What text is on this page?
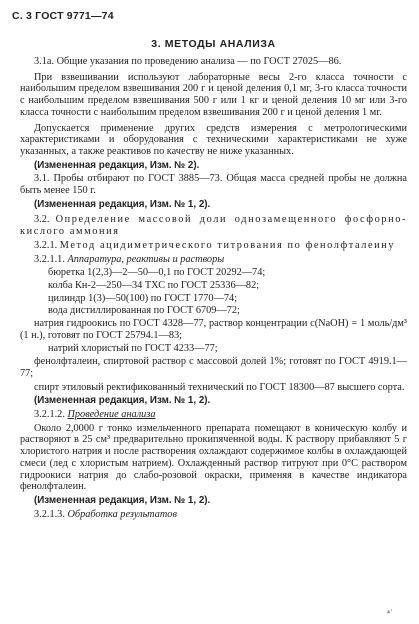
С. 3 ГОСТ 9771—74
3. МЕТОДЫ АНАЛИЗА

3.1а. Общие указания по проведению анализа — по ГОСТ 27025—86.

При взвешивании используют лабораторные весы 2-го класса точности с наибольшим пределом взвешивания 200 г и ценой деления 0,1 мг, 3-го класса точности с наибольшим пределом взвешивания 500 г или 1 кг и ценой деления 10 мг или 3-го класса точности с наибольшим пределом взвешивания 200 г и ценой деления 1 мг.

Допускается применение других средств измерения с метрологическими характеристиками и оборудования с техническими характеристиками не хуже указанных, а также реактивов по качеству не ниже указанных.

(Измененная редакция, Изм. № 2).

3.1. Пробы отбирают по ГОСТ 3885—73. Общая масса средней пробы не должна быть менее 150 г.

(Измененная редакция, Изм. № 1, 2).

3.2. Определение массовой доли однозамещенного фосфорно-кислого аммония

3.2.1. Метод ацидиметрического титрования по фенолфталеину

3.2.1.1. Аппаратура, реактивы и растворы

бюретка 1(2,3)—2—50—0,1 по ГОСТ 20292—74;

колба Кн-2—250—34 ТХС по ГОСТ 25336—82;

цилиндр 1(3)—50(100) по ГОСТ 1770—74;

вода дистиллированная по ГОСТ 6709—72;

натрия гидроокись по ГОСТ 4328—77, раствор концентрации c(NaOH) = 1 моль/дм³ (1 н.), готовят по ГОСТ 25794.1—83;

натрий хлористый по ГОСТ 4233—77;

фенолфталеин, спиртовой раствор с массовой долей 1%; готовят по ГОСТ 4919.1—77;

спирт этиловый ректификованный технический по ГОСТ 18300—87 высшего сорта.

(Измененная редакция, Изм. № 1, 2).

3.2.1.2. Проведение анализа

Около 2,0000 г тонко измельченного препарата помещают в коническую колбу и растворяют в 25 см³ предварительно прокипяченной воды. К раствору прибавляют 5 г хлористого натрия и после растворения охлаждают содержимое колбы в охлаждающей смеси (лед с хлористым натрием). Охлажденный раствор титруют при 0°С раствором гидроокиси натрия до слабо-розовой окраски, применяя в качестве индикатора фенолфталеин.

(Измененная редакция, Изм. № 1, 2).

3.2.1.3. Обработка результатов

⁴˙
